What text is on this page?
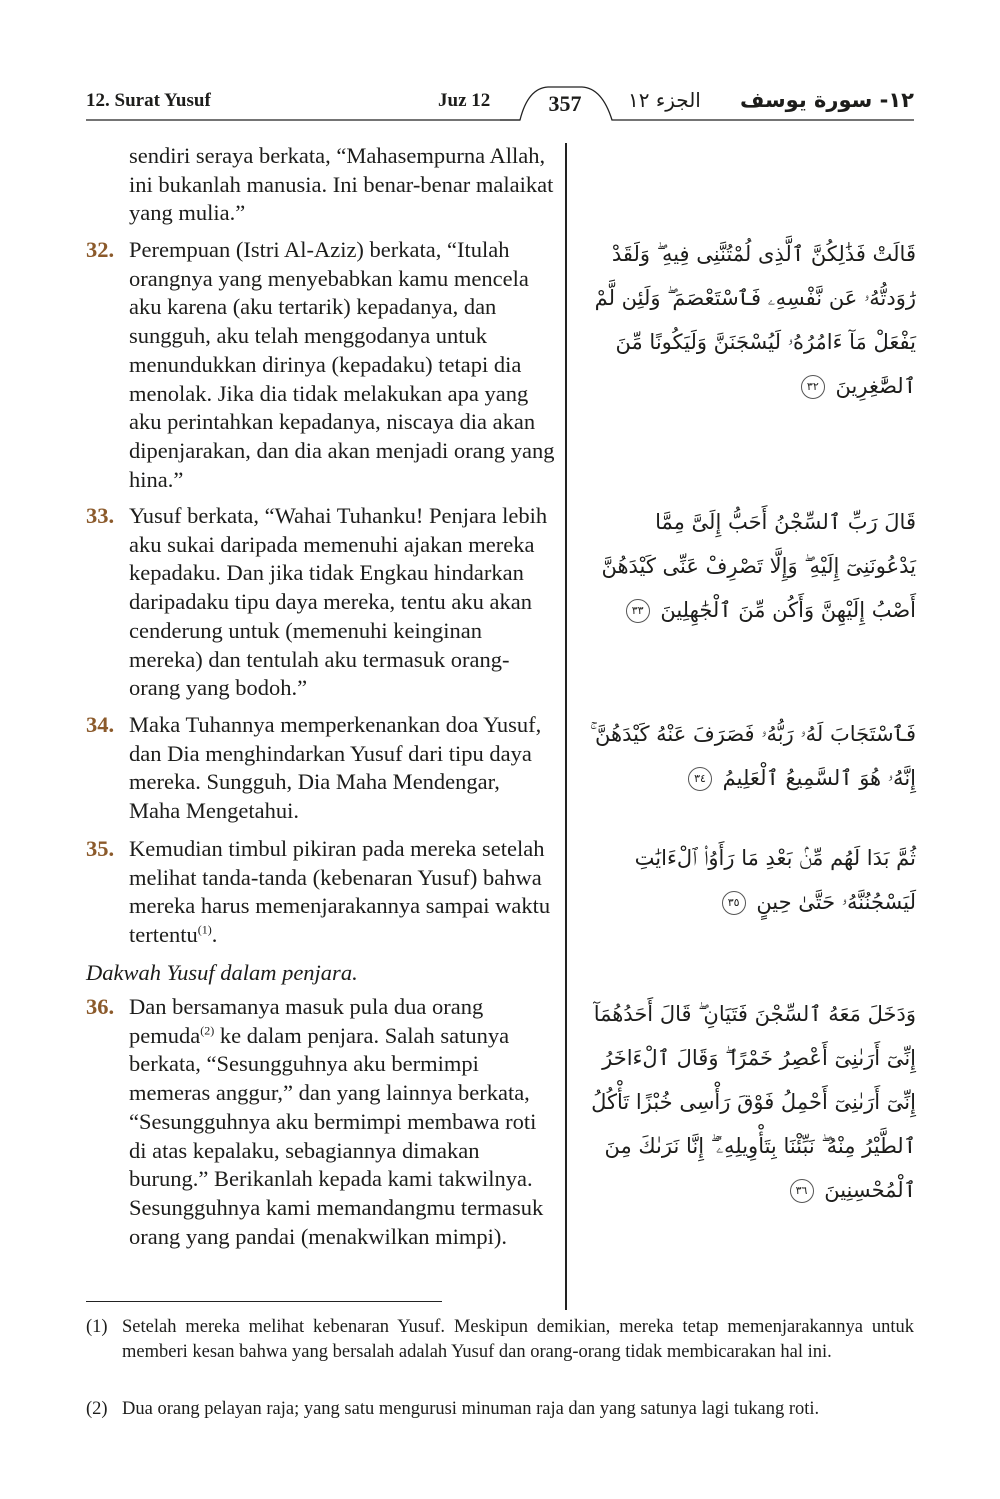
12. Surat Yusuf	Juz 12	357	الجزء ١٢ ١٢- سورة يوسف
sendiri seraya berkata, “Mahasempurna Allah, ini bukanlah manusia. Ini benar-benar malaikat yang mulia.”
32. Perempuan (Istri Al-Aziz) berkata, “Itulah orangnya yang menyebabkan kamu mencela aku karena (aku tertarik) kepadanya, dan sungguh, aku telah menggodanya untuk menundukkan dirinya (kepadaku) tetapi dia menolak. Jika dia tidak melakukan apa yang aku perintahkan kepadanya, niscaya dia akan dipenjarakan, dan dia akan menjadi orang yang hina.”
33. Yusuf berkata, “Wahai Tuhanku! Penjara lebih aku sukai daripada memenuhi ajakan mereka kepadaku. Dan jika tidak Engkau hindarkan daripadaku tipu daya mereka, tentu aku akan cenderung untuk (memenuhi keinginan mereka) dan tentulah aku termasuk orang-orang yang bodoh.”
34. Maka Tuhannya memperkenankan doa Yusuf, dan Dia menghindarkan Yusuf dari tipu daya mereka. Sungguh, Dia Maha Mendengar, Maha Mengetahui.
35. Kemudian timbul pikiran pada mereka setelah melihat tanda-tanda (kebenaran Yusuf) bahwa mereka harus memenjarakannya sampai waktu tertentu$^{(1)}$.
Dakwah Yusuf dalam penjara.
36. Dan bersamanya masuk pula dua orang pemuda$^{(2)}$ ke dalam penjara. Salah satunya berkata, “Sesungguhnya aku bermimpi memeras anggur,” dan yang lainnya berkata, “Sesungguhnya aku bermimpi membawa roti di atas kepalaku, sebagiannya dimakan burung.” Berikanlah kepada kami takwilnya. Sesungguhnya kami memandangmu termasuk orang yang pandai (menakwilkan mimpi).
قَالَتْ فَذَٰلِكُنَّ ٱلَّذِى لُمْتُنَّنِى فِيهِ ۖ وَلَقَدْ رَٰوَدتُّهُۥ عَن نَّفْسِهِۦ فَٱسْتَعْصَمَ ۖ وَلَئِن لَّمْ يَفْعَلْ مَآ ءَامُرُهُۥ لَيُسْجَنَنَّ وَلَيَكُونًا مِّنَ ٱلصَّٰغِرِينَ ٣٢
قَالَ رَبِّ ٱلسِّجْنُ أَحَبُّ إِلَىَّ مِمَّا يَدْعُونَنِىٓ إِلَيْهِ ۖ وَإِلَّا تَصْرِفْ عَنِّى كَيْدَهُنَّ أَصْبُ إِلَيْهِنَّ وَأَكُن مِّنَ ٱلْجَٰهِلِينَ ٣٣
فَٱسْتَجَابَ لَهُۥ رَبُّهُۥ فَصَرَفَ عَنْهُ كَيْدَهُنَّ ۚ إِنَّهُۥ هُوَ ٱلسَّمِيعُ ٱلْعَلِيمُ ٣٤
ثُمَّ بَدَا لَهُم مِّنۢ بَعْدِ مَا رَأَوُا۟ ٱلْءَايَٰتِ لَيَسْجُنُنَّهُۥ حَتَّىٰ حِينٍ ٣٥
وَدَخَلَ مَعَهُ ٱلسِّجْنَ فَتَيَانِ ۖ قَالَ أَحَدُهُمَآ إِنِّىٓ أَرَىٰنِىٓ أَعْصِرُ خَمْرًا ۖ وَقَالَ ٱلْءَاخَرُ إِنِّىٓ أَرَىٰنِىٓ أَحْمِلُ فَوْقَ رَأْسِى خُبْزًا تَأْكُلُ ٱلطَّيْرُ مِنْهُ ۖ نَبِّئْنَا بِتَأْوِيلِهِۦٓ ۖ إِنَّا نَرَىٰكَ مِنَ ٱلْمُحْسِنِينَ ٣٦
(1) Setelah mereka melihat kebenaran Yusuf. Meskipun demikian, mereka tetap memenjarakannya untuk memberi kesan bahwa yang bersalah adalah Yusuf dan orang-orang tidak membicarakan hal ini.
(2) Dua orang pelayan raja; yang satu mengurusi minuman raja dan yang satunya lagi tukang roti.
